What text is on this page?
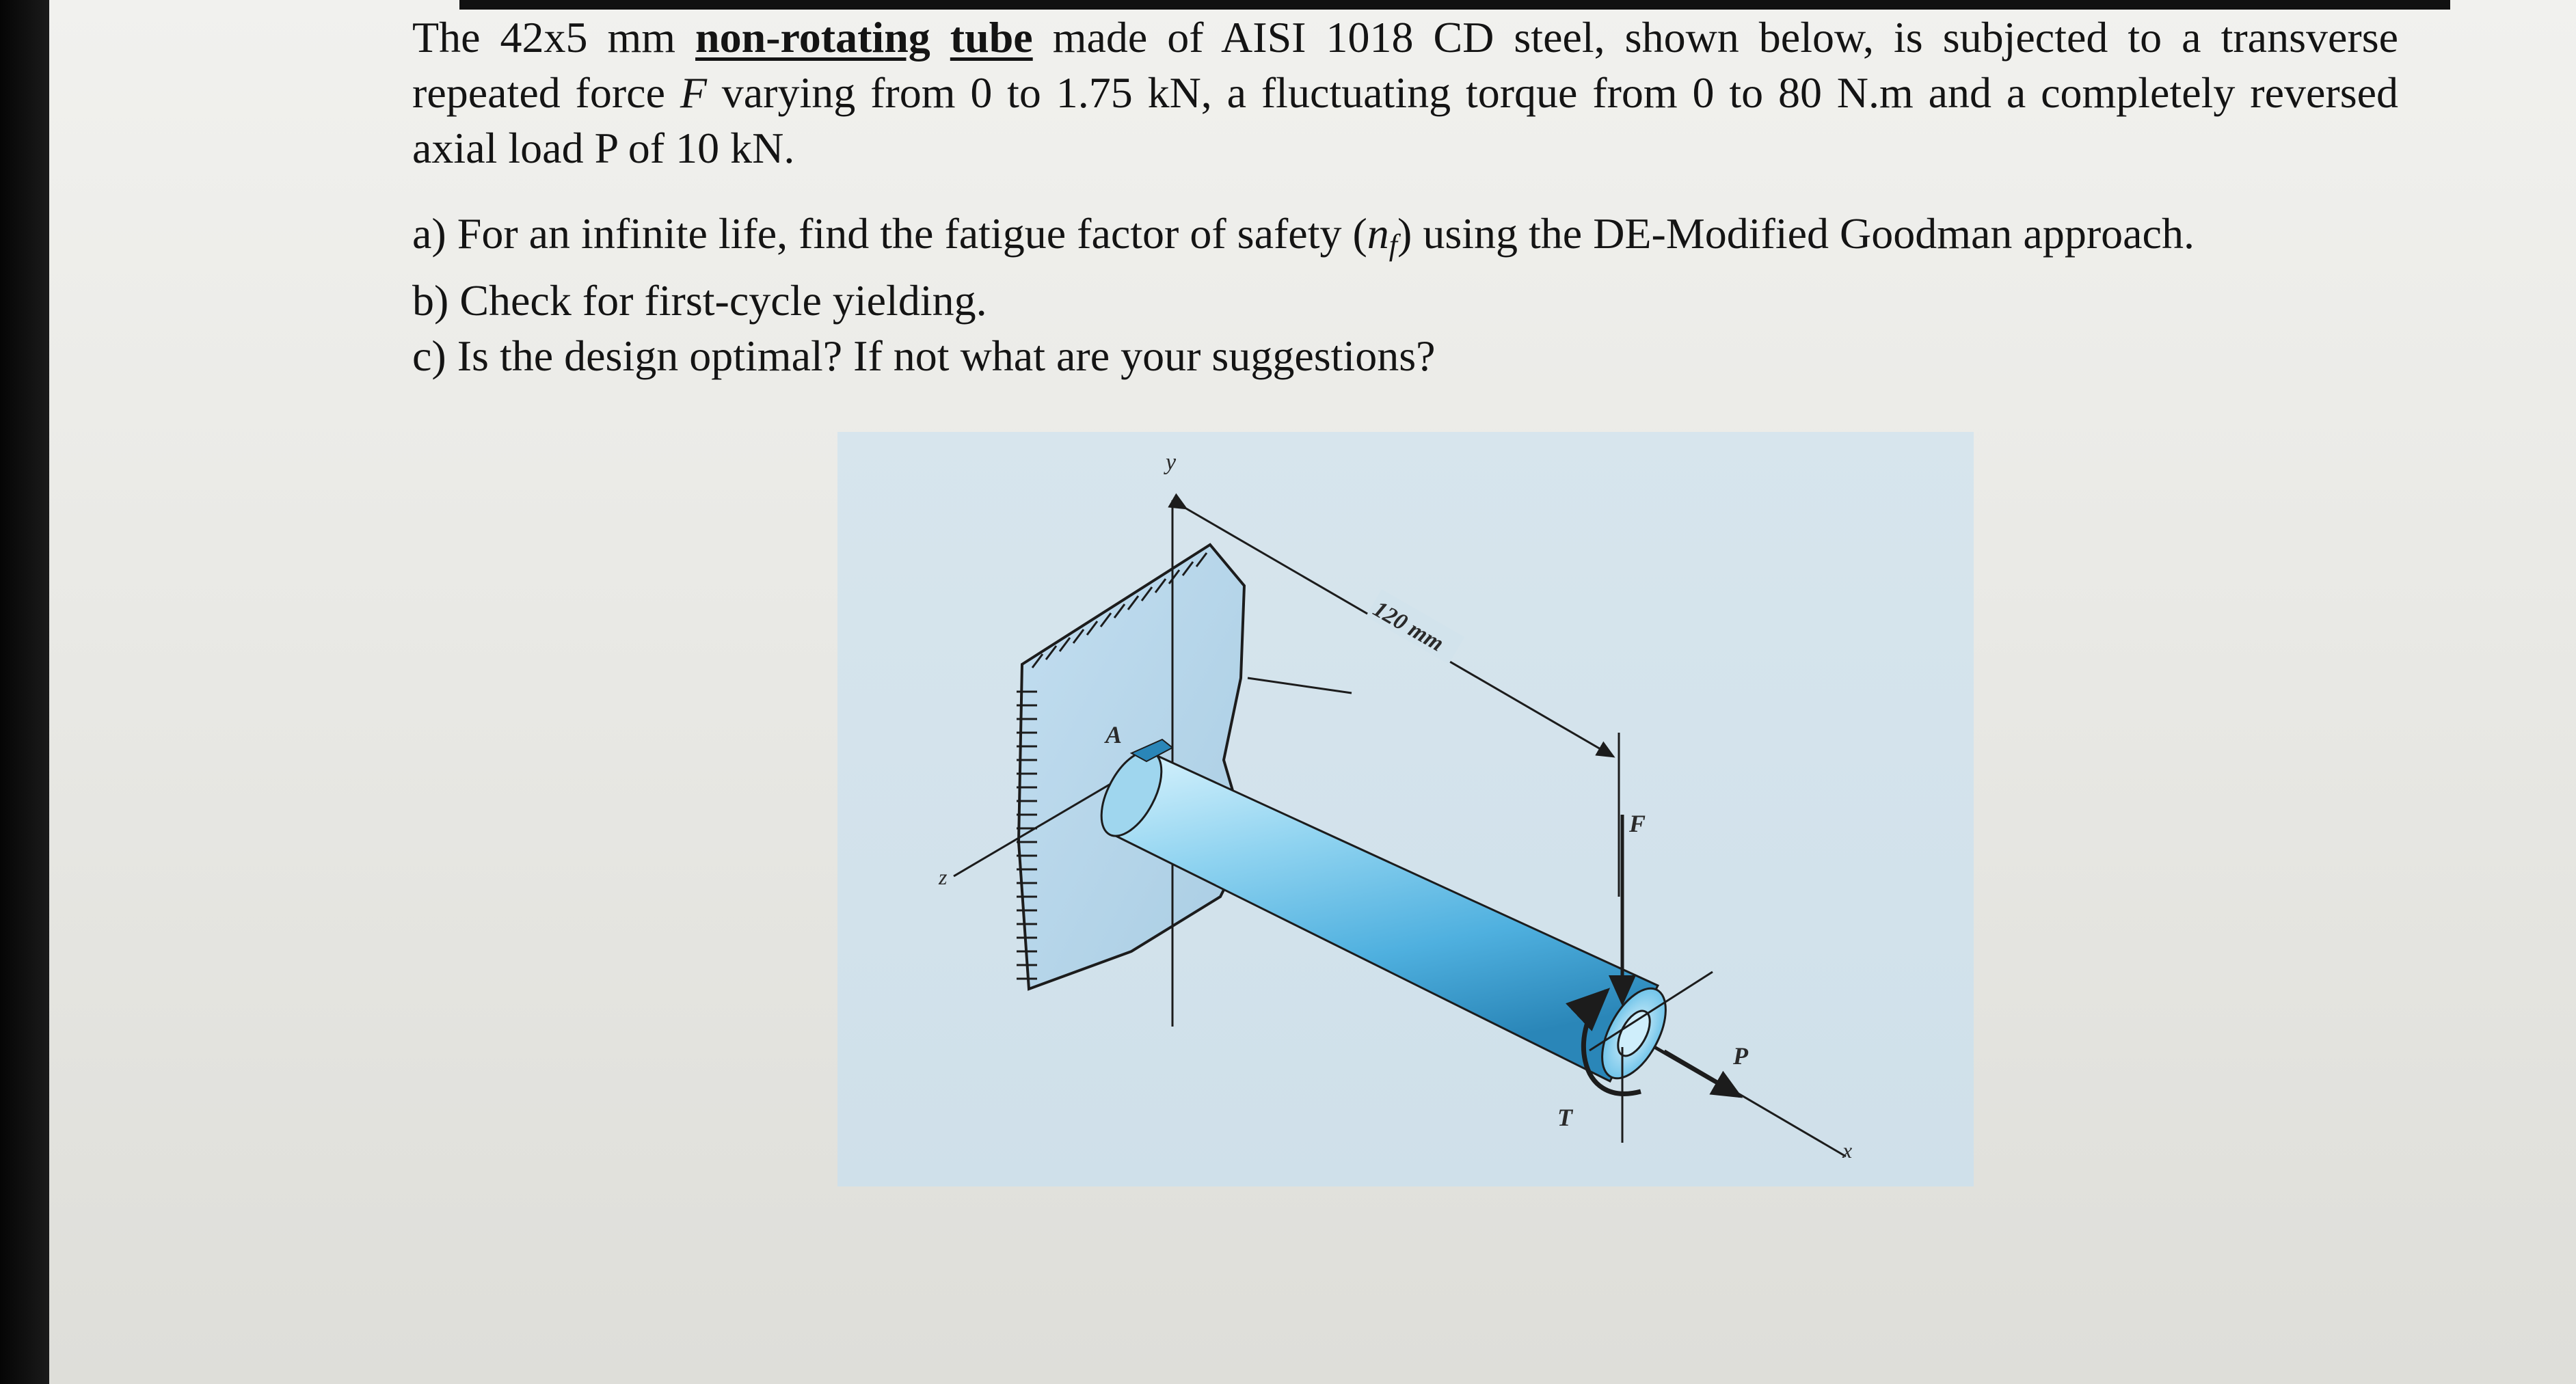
The 42x5 mm non-rotating tube made of AISI 1018 CD steel, shown below, is subjected to a transverse repeated force F varying from 0 to 1.75 kN, a fluctuating torque from 0 to 80 N.m and a completely reversed axial load P of 10 kN.

a) For an infinite life, find the fatigue factor of safety (nf) using the DE-Modified Goodman approach.

b) Check for first-cycle yielding.

c) Is the design optimal? If not what are your suggestions?

y
z
x
A
F
T
P
120 mm
